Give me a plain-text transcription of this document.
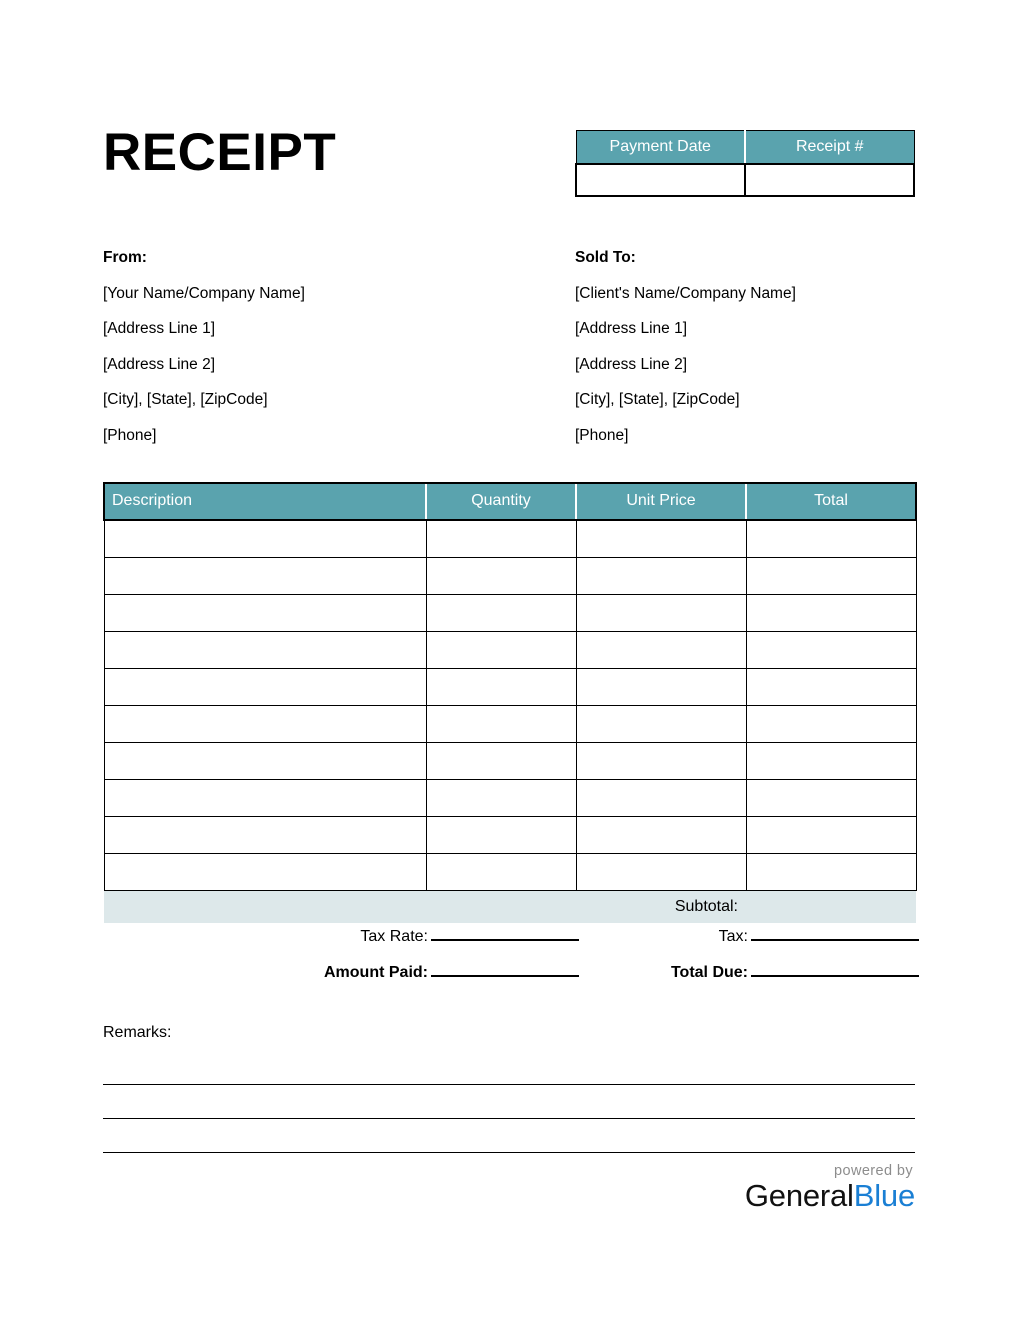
RECEIPT	Payment Date	Receipt #

From:
[Your Name/Company Name]
[Address Line 1]
[Address Line 2]
[City], [State], [ZipCode]
[Phone]
Sold To:
[Client's Name/Company Name]
[Address Line 1]
[Address Line 2]
[City], [State], [ZipCode]
[Phone]
Description	Quantity	Unit Price	Total

Subtotal:			
Tax Rate:	Tax:
Amount Paid:	Total Due:
Remarks:
powered by
GeneralBlue
